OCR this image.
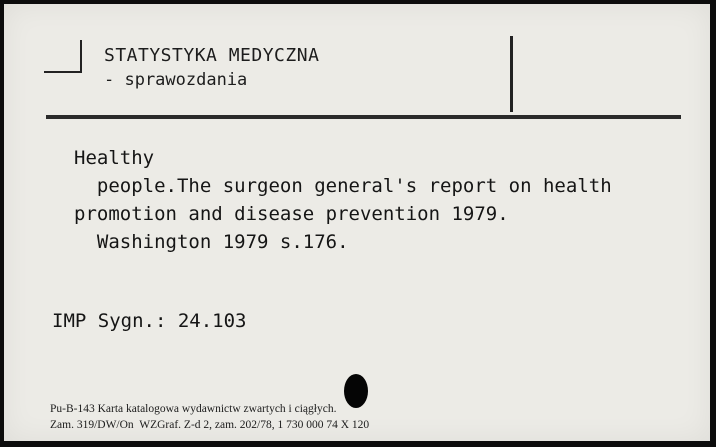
STATYSTYKA MEDYCZNA
- sprawozdania
Healthy
people.The surgeon general's report on health
promotion and disease prevention 1979.
Washington 1979 s.176.
IMP Sygn.: 24.103
Pu-B-143 Karta katalogowa wydawnictw zwartych i ciągłych.
Zam. 319/DW/On  WZGraf. Z-d 2, zam. 202/78, 1 730 000 74 X 120
